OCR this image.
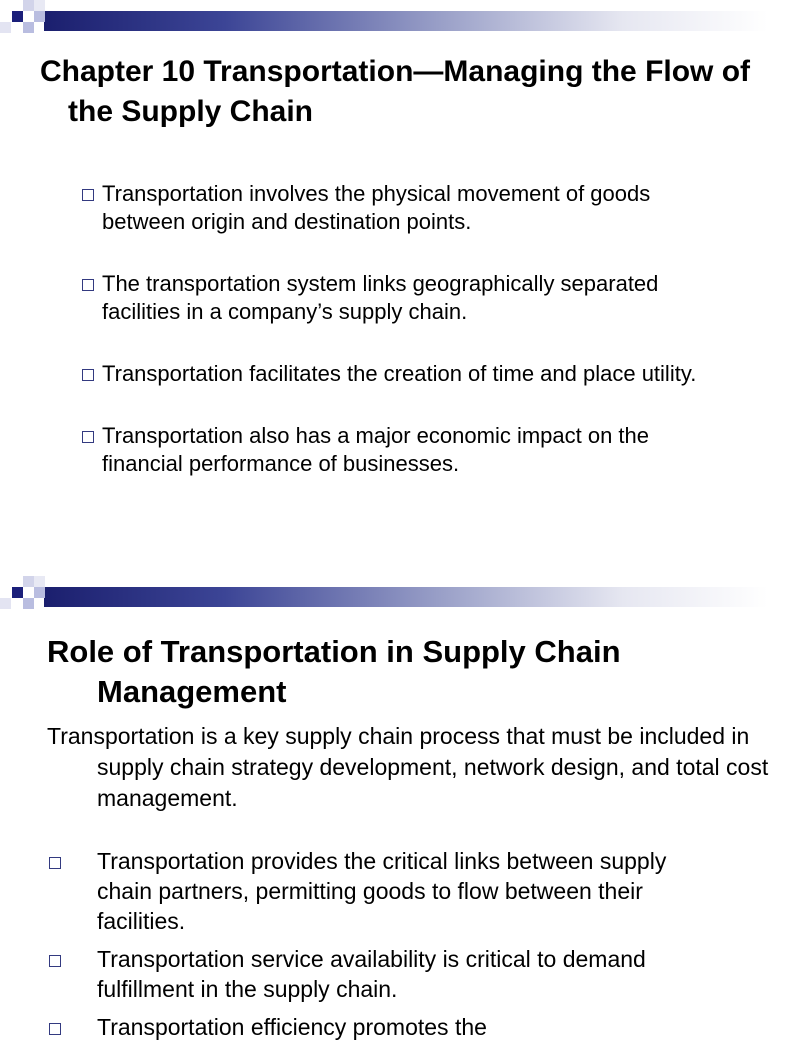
Chapter 10 Transportation—Managing the Flow of the Supply Chain
Transportation involves the physical movement of goods between origin and destination points.
The transportation system links geographically separated facilities in a company’s supply chain.
Transportation facilitates the creation of time and place utility.
Transportation also has a major economic impact on the financial performance of businesses.
Role of Transportation in Supply Chain Management

Transportation is a key supply chain process that must be included in supply chain strategy development, network design, and total cost management.

Transportation provides the critical links between supply chain partners, permitting goods to flow between their facilities.
Transportation service availability is critical to demand fulfillment in the supply chain.
Transportation efficiency promotes the
